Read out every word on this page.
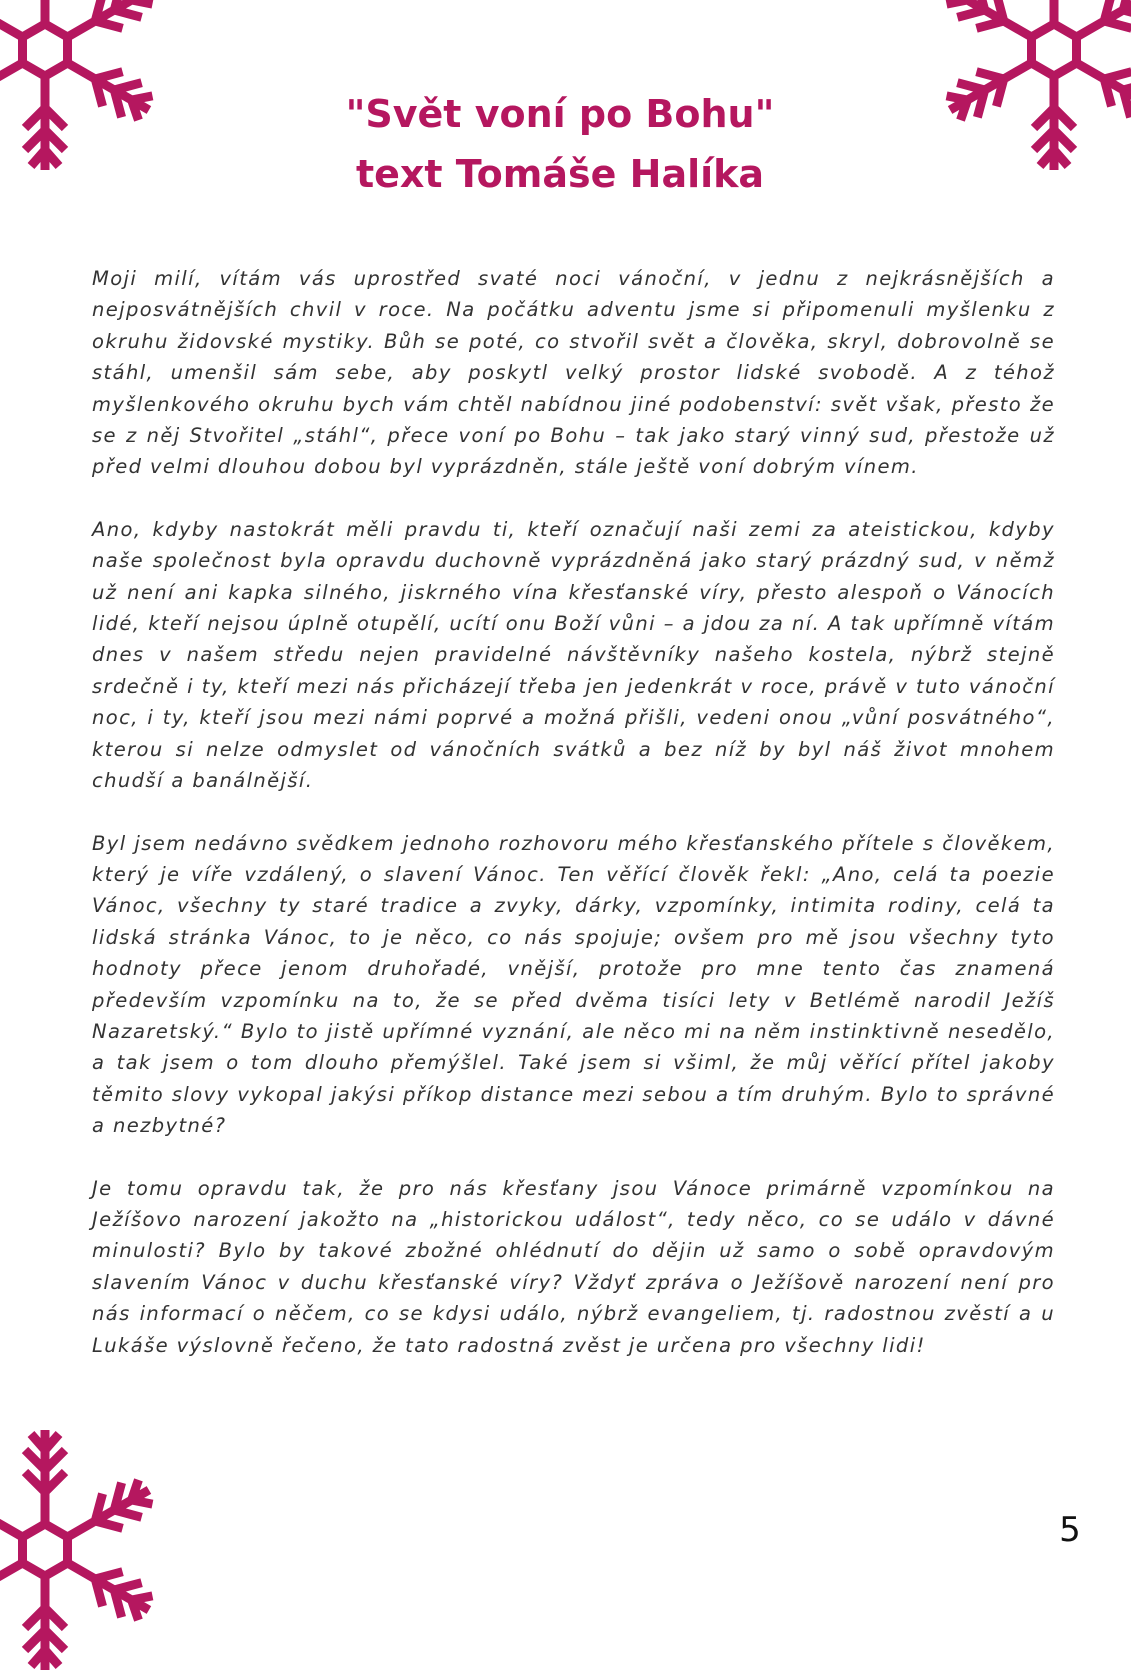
"Svět voní po Bohu"
text Tomáše Halíka

Moji milí, vítám vás uprostřed svaté noci vánoční, v jednu z nejkrásnějších a nejposvátnějších chvil v roce. Na počátku adventu jsme si připomenuli myšlenku z okruhu židovské mystiky. Bůh se poté, co stvořil svět a člověka, skryl, dobrovolně se stáhl, umenšil sám sebe, aby poskytl velký prostor lidské svobodě. A z téhož myšlenkového okruhu bych vám chtěl nabídnou jiné podobenství: svět však, přesto že se z něj Stvořitel „stáhl“, přece voní po Bohu – tak jako starý vinný sud, přestože už před velmi dlouhou dobou byl vyprázdněn, stále ještě voní dobrým vínem.

Ano, kdyby nastokrát měli pravdu ti, kteří označují naši zemi za ateistickou, kdyby naše společnost byla opravdu duchovně vyprázdněná jako starý prázdný sud, v němž už není ani kapka silného, jiskrného vína křesťanské víry, přesto alespoň o Vánocích lidé, kteří nejsou úplně otupělí, ucítí onu Boží vůni – a jdou za ní. A tak upřímně vítám dnes v našem středu nejen pravidelné návštěvníky našeho kostela, nýbrž stejně srdečně i ty, kteří mezi nás přicházejí třeba jen jedenkrát v roce, právě v tuto vánoční noc, i ty, kteří jsou mezi námi poprvé a možná přišli, vedeni onou „vůní posvátného“, kterou si nelze odmyslet od vánočních svátků a bez níž by byl náš život mnohem chudší a banálnější.

Byl jsem nedávno svědkem jednoho rozhovoru mého křesťanského přítele s člověkem, který je víře vzdálený, o slavení Vánoc. Ten věřící člověk řekl: „Ano, celá ta poezie Vánoc, všechny ty staré tradice a zvyky, dárky, vzpomínky, intimita rodiny, celá ta lidská stránka Vánoc, to je něco, co nás spojuje; ovšem pro mě jsou všechny tyto hodnoty přece jenom druhořadé, vnější, protože pro mne tento čas znamená především vzpomínku na to, že se před dvěma tisíci lety v Betlémě narodil Ježíš Nazaretský.“ Bylo to jistě upřímné vyznání, ale něco mi na něm instinktivně nesedělo, a tak jsem o tom dlouho přemýšlel. Také jsem si všiml, že můj věřící přítel jakoby těmito slovy vykopal jakýsi příkop distance mezi sebou a tím druhým. Bylo to správné a nezbytné?

Je tomu opravdu tak, že pro nás křesťany jsou Vánoce primárně vzpomínkou na Ježíšovo narození jakožto na „historickou událost“, tedy něco, co se událo v dávné minulosti? Bylo by takové zbožné ohlédnutí do dějin už samo o sobě opravdovým slavením Vánoc v duchu křesťanské víry? Vždyť zpráva o Ježíšově narození není pro nás informací o něčem, co se kdysi událo, nýbrž evangeliem, tj. radostnou zvěstí a u Lukáše výslovně řečeno, že tato radostná zvěst je určena pro všechny lidi!

5
